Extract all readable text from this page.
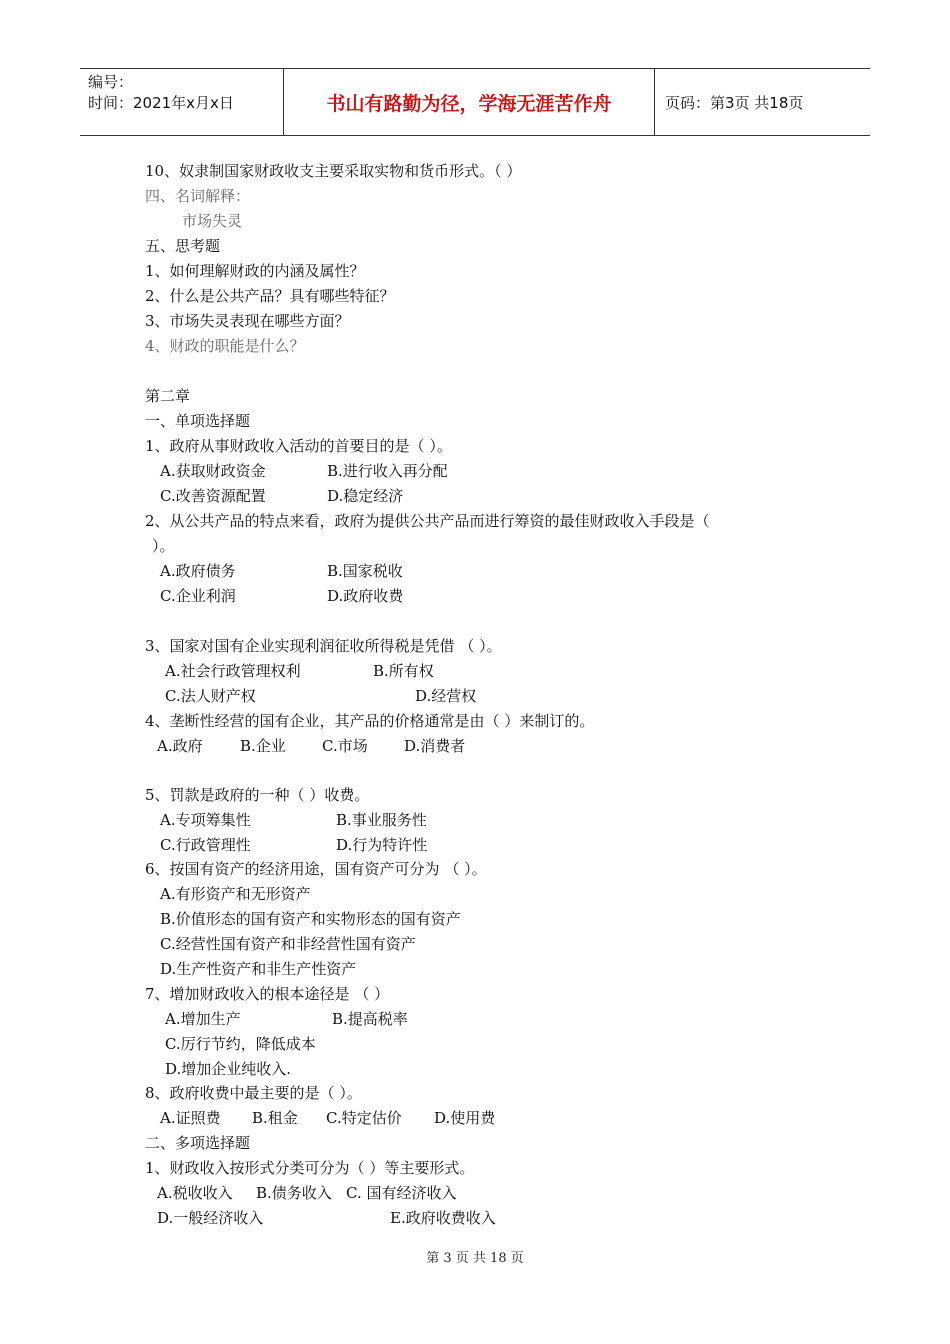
编号：
时间：2021年x月x日	书山有路勤为径，学海无涯苦作舟	页码：第3页 共18页
10、奴隶制国家财政收支主要采取实物和货币形式。（ ）
四、名词解释：
市场失灵
五、思考题
1、如何理解财政的内涵及属性？
2、什么是公共产品？具有哪些特征？
3、市场失灵表现在哪些方面？
4、财政的职能是什么？
第二章
一、单项选择题
1、政府从事财政收入活动的首要目的是（ ）。
A.获取财政资金	B.进行收入再分配
C.改善资源配置	D.稳定经济
2、从公共产品的特点来看，政府为提供公共产品而进行筹资的最佳财政收入手段是（
）。
A.政府债务	B.国家税收
C.企业利润	D.政府收费
3、国家对国有企业实现利润征收所得税是凭借 （ ）。
A.社会行政管理权利	B.所有权
C.法人财产权	D.经营权
4、垄断性经营的国有企业，其产品的价格通常是由（ ）来制订的。
A.政府 B.企业 C.市场 D.消费者
5、罚款是政府的一种（ ）收费。
A.专项筹集性	B.事业服务性
C.行政管理性	D.行为特许性
6、按国有资产的经济用途，国有资产可分为 （ ）。
A.有形资产和无形资产
B.价值形态的国有资产和实物形态的国有资产
C.经营性国有资产和非经营性国有资产
D.生产性资产和非生产性资产
7、增加财政收入的根本途径是 （ ）
A.增加生产	B.提高税率
C.厉行节约，降低成本
D.增加企业纯收入.
8、政府收费中最主要的是（ ）。
A.证照费 B.租金 C.特定估价 D.使用费
二、多项选择题
1、财政收入按形式分类可分为（ ）等主要形式。
A.税收收入 B.债务收入 C. 国有经济收入
D.一般经济收入	E.政府收费收入
第 3 页 共 18 页
